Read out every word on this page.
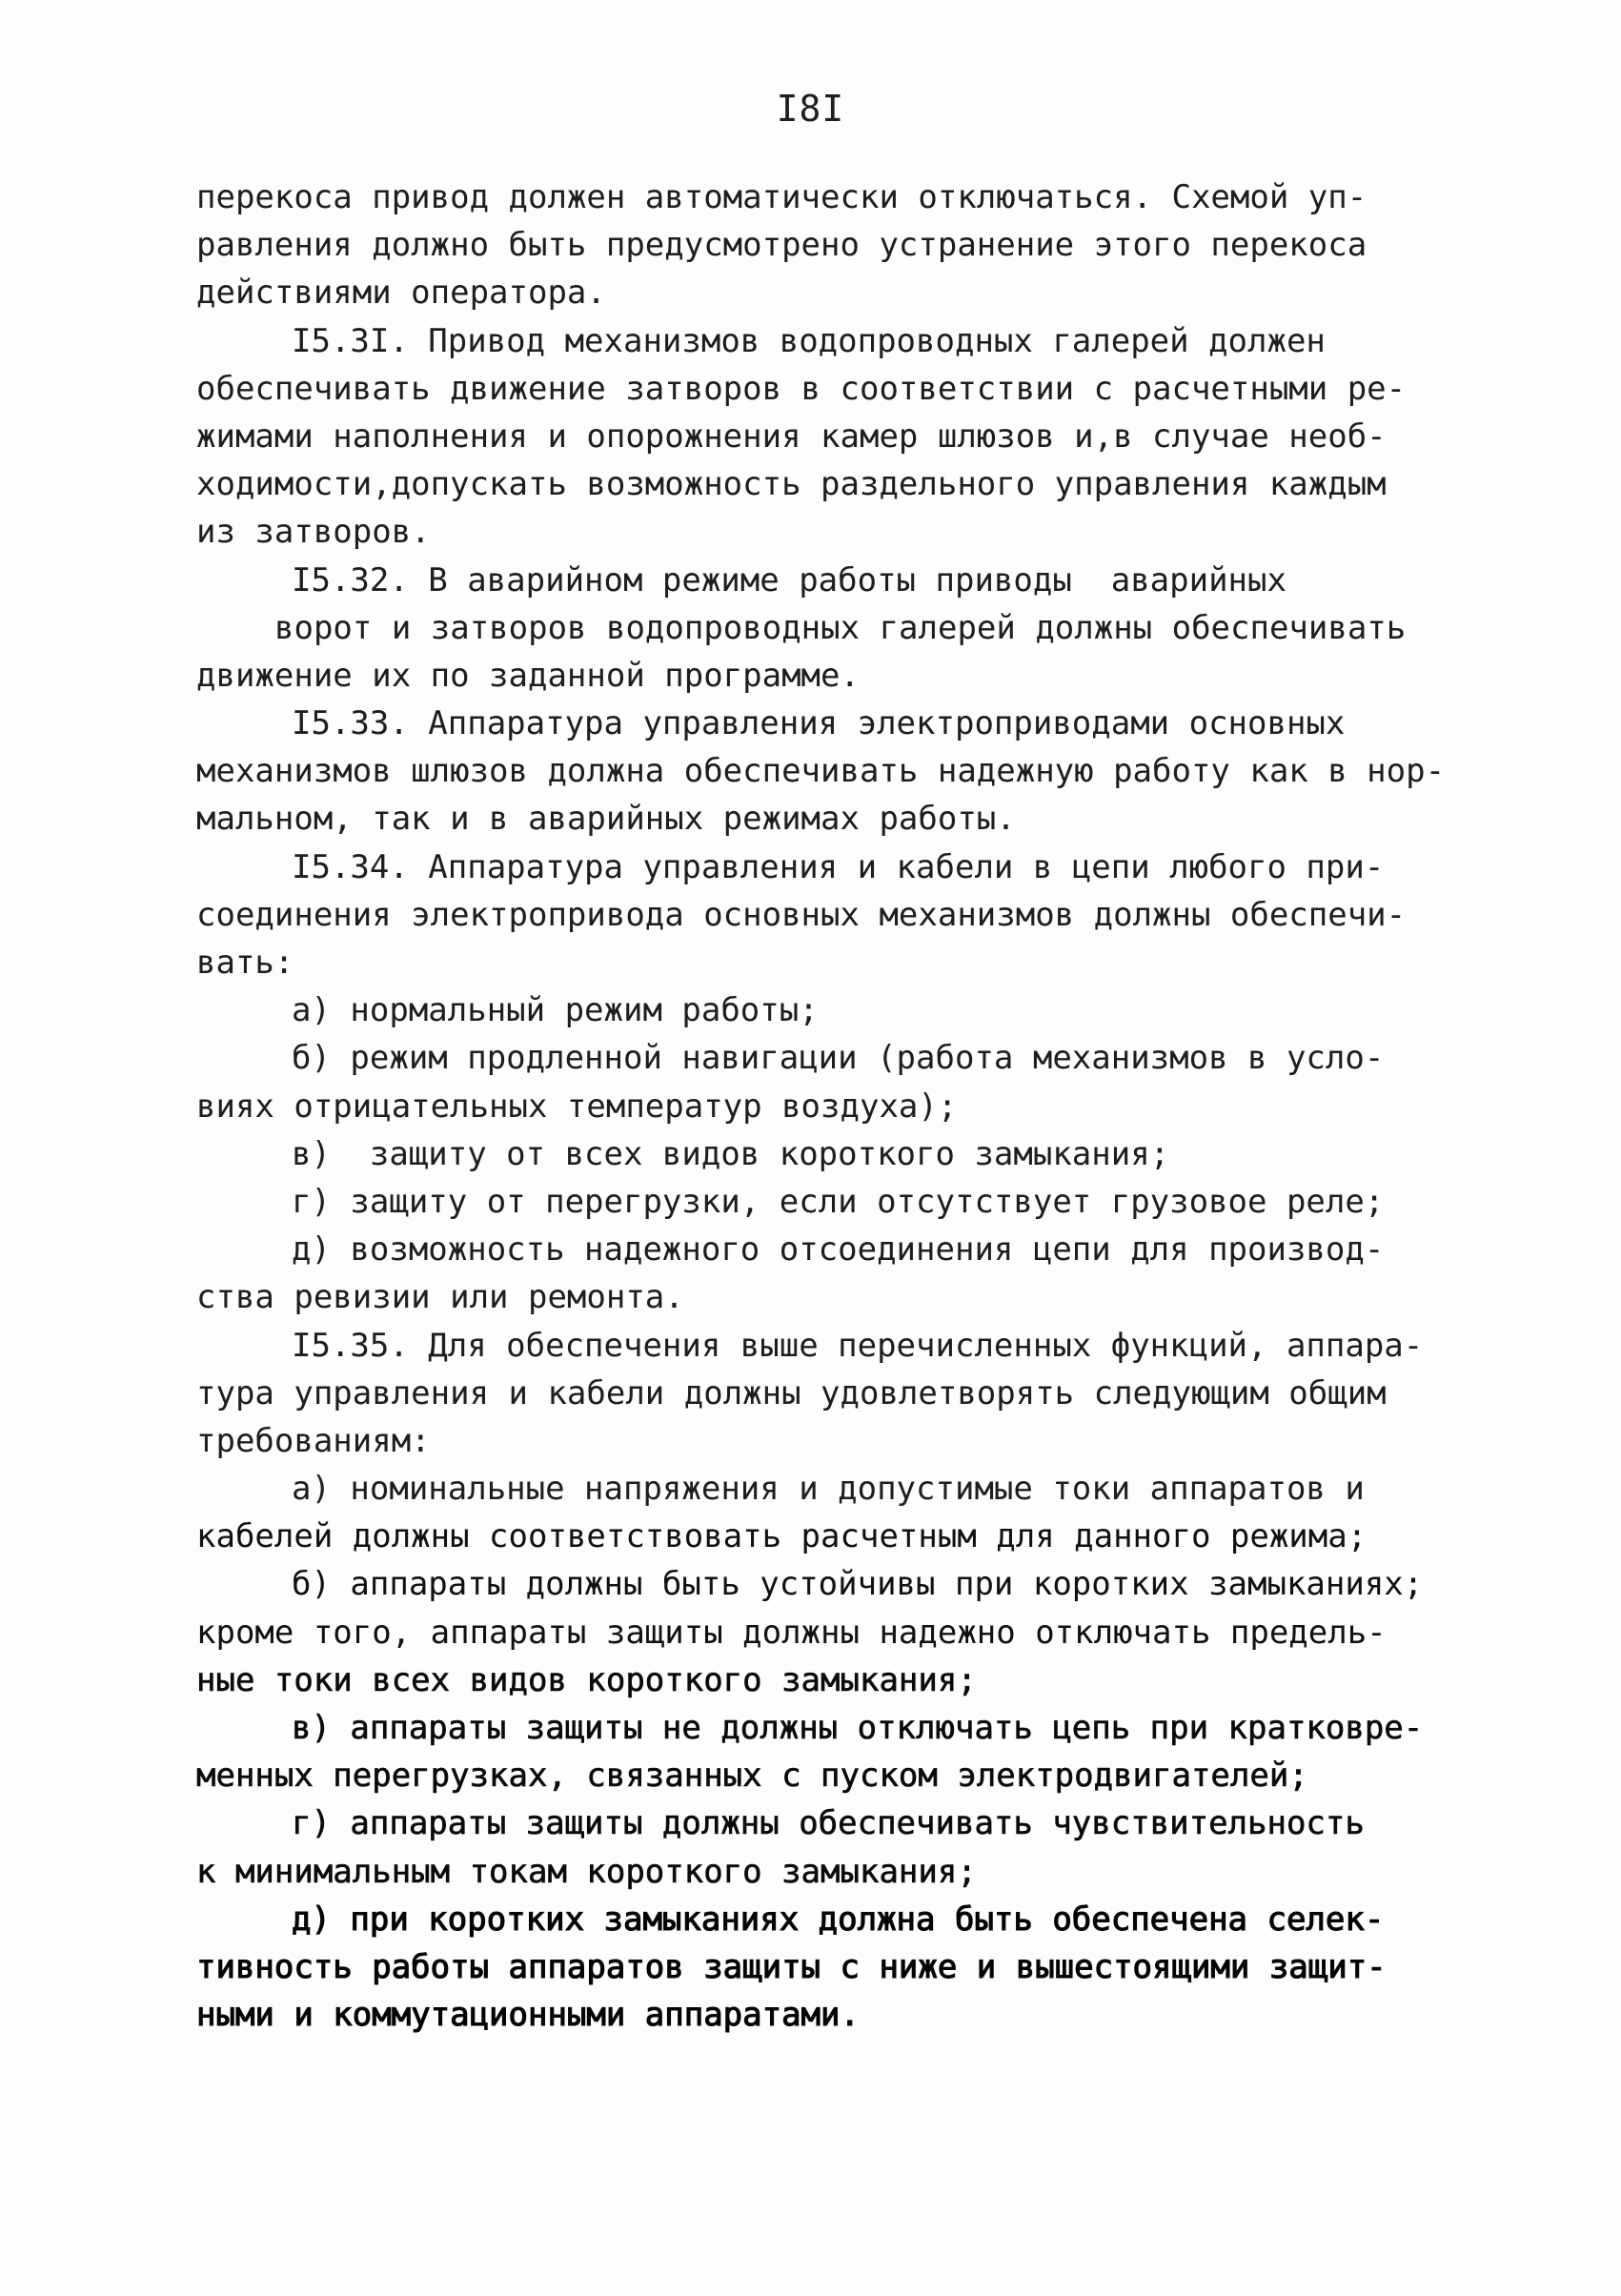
I8I
перекоса привод должен автоматически отключаться. Схемой уп-
равления должно быть предусмотрено устранение этого перекоса
действиями оператора.
I5.3I. Привод механизмов водопроводных галерей должен
обеспечивать движение затворов в соответствии с расчетными ре-
жимами наполнения и опорожнения камер шлюзов и,в случае необ-
ходимости,допускать возможность раздельного управления каждым
из затворов.
I5.32. В аварийном режиме работы приводы  аварийных
ворот и затворов водопроводных галерей должны обеспечивать
движение их по заданной программе.
I5.33. Аппаратура управления электроприводами основных
механизмов шлюзов должна обеспечивать надежную работу как в нор-
мальном, так и в аварийных режимах работы.
I5.34. Аппаратура управления и кабели в цепи любого при-
соединения электропривода основных механизмов должны обеспечи-
вать:
а) нормальный режим работы;
б) режим продленной навигации (работа механизмов в усло-
виях отрицательных температур воздуха);
в)  защиту от всех видов короткого замыкания;
г) защиту от перегрузки, если отсутствует грузовое реле;
д) возможность надежного отсоединения цепи для производ-
ства ревизии или ремонта.
I5.35. Для обеспечения выше перечисленных функций, аппара-
тура управления и кабели должны удовлетворять следующим общим
требованиям:
а) номинальные напряжения и допустимые токи аппаратов и
кабелей должны соответствовать расчетным для данного режима;
б) аппараты должны быть устойчивы при коротких замыканиях;
кроме того, аппараты защиты должны надежно отключать предель-
ные токи всех видов короткого замыкания;
в) аппараты защиты не должны отключать цепь при кратковре-
менных перегрузках, связанных с пуском электродвигателей;
г) аппараты защиты должны обеспечивать чувствительность
к минимальным токам короткого замыкания;
д) при коротких замыканиях должна быть обеспечена селек-
тивность работы аппаратов защиты с ниже и вышестоящими защит-
ными и коммутационными аппаратами.
